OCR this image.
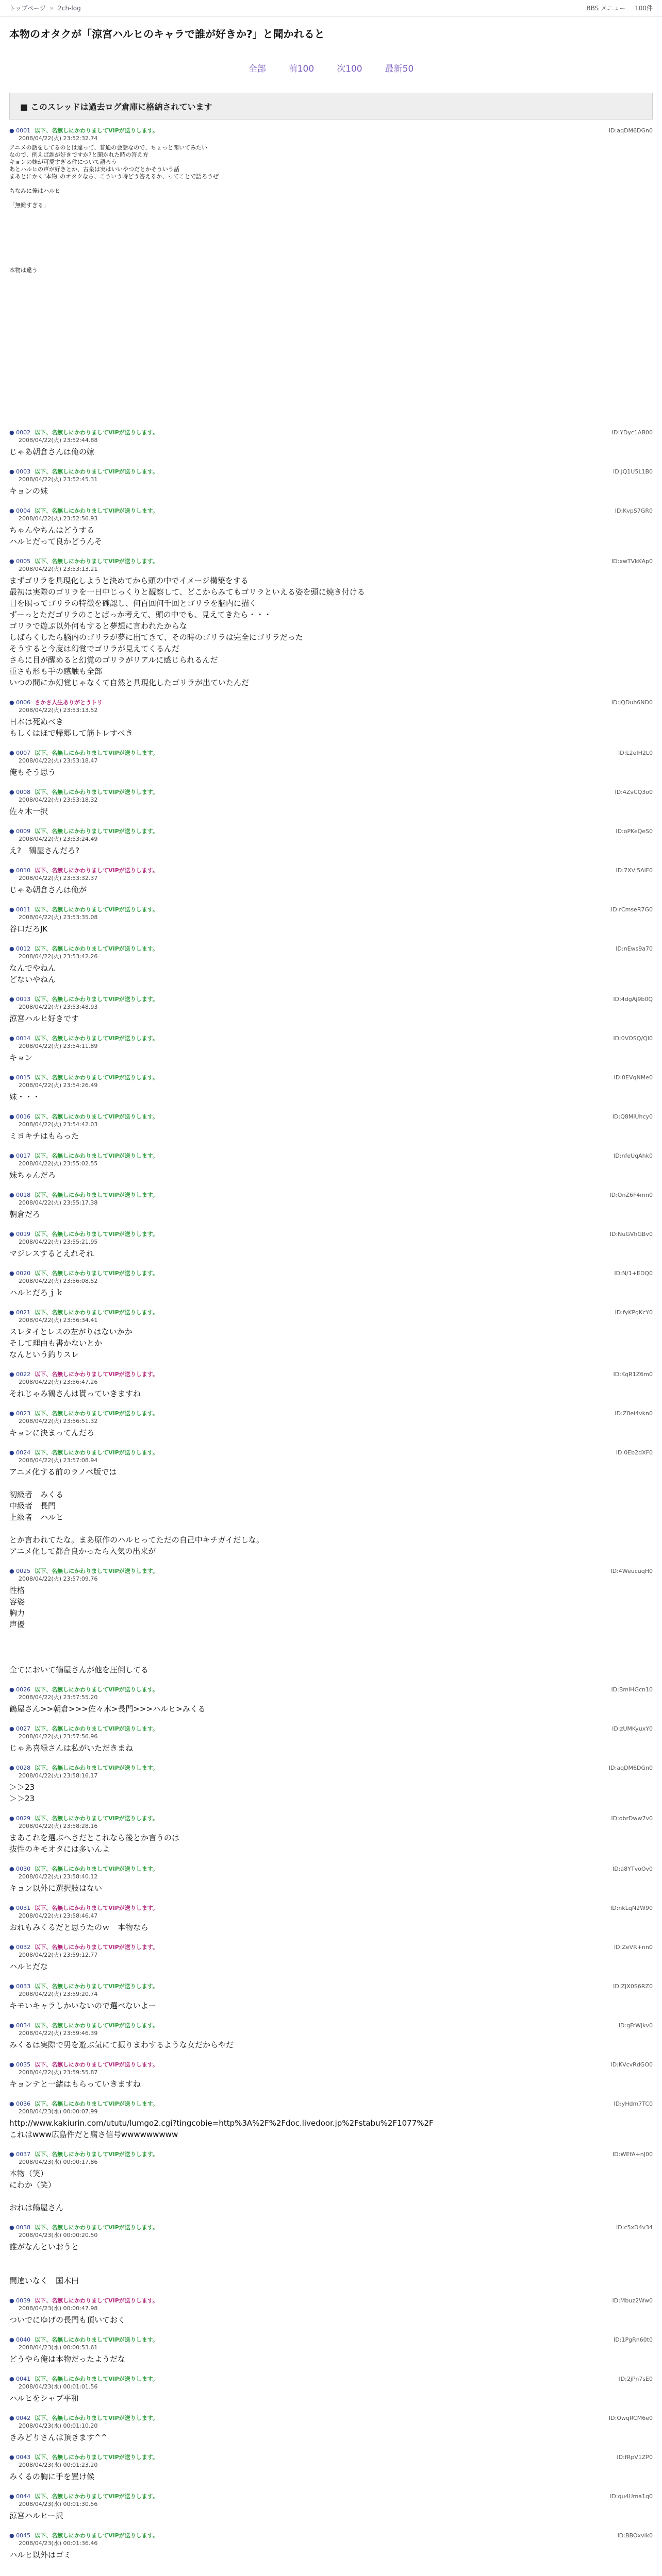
トップページ » 2ch-log	BBS メニュー 100件
本物のオタクが「涼宮ハルヒのキャラで誰が好きか?」と聞かれると
全部	前100	次100	最新50
■ このスレッドは過去ログ倉庫に格納されています
● 0001 以下、名無しにかわりましてVIPが送りします。	ID:aqDM6DGn0
2008/04/22(火) 23:52:32.74
アニメの話をしてるのとは違って、普通の会話なので、ちょっと聞いてみたい
なので、例えば誰が好きですか?と聞かれた時の答え方
キョンの妹が可愛すぎる件について語ろう
あとハルヒの声が好きとか、古泉は実はいいやつだとかそういう話
まあとにかく"本物"のオタクなら、こういう時どう答えるか、ってことで語ろうぜ

ちなみに俺はハルヒ

「無難すぎる」

本物は違う
● 0002 以下、名無しにかわりましてVIPが送りします。	ID:YDyc1AB00
2008/04/22(火) 23:52:44.88
じゃあ朝倉さんは俺の嫁
● 0003 以下、名無しにかわりましてVIPが送りします。	ID:JQ1U5L1B0
2008/04/22(火) 23:52:45.31
キョンの妹
● 0004 以下、名無しにかわりましてVIPが送りします。	ID:KvpS7GR0
2008/04/22(火) 23:52:56.93
ちゃんやちんはどうする
ハルヒだって良かどうんそ
● 0005 以下、名無しにかわりましてVIPが送りします。	ID:xwTVkKAp0
2008/04/22(火) 23:53:13.21
まずゴリラを具現化しようと決めてから頭の中でイメージ構築をする
最初は実際のゴリラを一日中じっくりと観察して、どこからみてもゴリラといえる姿を頭に焼き付ける
目を瞑ってゴリラの特徴を確認し、何百回何千回とゴリラを脳内に描く
ずーっとただゴリラのことばっか考えて、頭の中でも、見えてきたら・・・
ゴリラで遊ぶ以外何もすると夢想に言われたからな
しばらくしたら脳内のゴリラが夢に出てきて、その時のゴリラは完全にゴリラだった
そうすると今度は幻覚でゴリラが見えてくるんだ
さらに目が醒めると幻覚のゴリラがリアルに感じられるんだ
重さも形も手の感触も全部
いつの間にか幻覚じゃなくて自然と具現化したゴリラが出ていたんだ
● 0006 さかさ人生ありがとうトリ	ID:jQDuh6ND0
2008/04/22(火) 23:53:13.52
日本は死ぬべき
もしくはほで帰郷して筋トレすべき
● 0007 以下、名無しにかわりましてVIPが送りします。	ID:L2eIH2L0
2008/04/22(火) 23:53:18.47
俺もそう思う
● 0008 以下、名無しにかわりましてVIPが送りします。	ID:4ZvCQ3o0
2008/04/22(火) 23:53:18.32
佐々木一択
● 0009 以下、名無しにかわりましてVIPが送りします。	ID:oPKeQeS0
2008/04/22(火) 23:53:24.49
え?　鶴屋さんだろ?
● 0010 以下、名無しにかわりましてVIPが送りします。	ID:7XVj5AlF0
2008/04/22(火) 23:53:32.37
じゃあ朝倉さんは俺が
● 0011 以下、名無しにかわりましてVIPが送りします。	ID:rCmseR7G0
2008/04/22(火) 23:53:35.08
谷口だろJK
● 0012 以下、名無しにかわりましてVIPが送りします。	ID:nEws9a70
2008/04/22(火) 23:53:42.26
なんでやねん
どないやねん
● 0013 以下、名無しにかわりましてVIPが送りします。	ID:4dgAj9b0Q
2008/04/22(火) 23:53:48.93
涼宮ハルヒ好きです
● 0014 以下、名無しにかわりましてVIPが送りします。	ID:0VOSQ/QI0
2008/04/22(火) 23:54:11.89
キョン
● 0015 以下、名無しにかわりましてVIPが送りします。	ID:0EVqNMe0
2008/04/22(火) 23:54:26.49
妹・・・
● 0016 以下、名無しにかわりましてVIPが送りします。	ID:Q8MiUhcy0
2008/04/22(火) 23:54:42.03
ミヨキチはもらった
● 0017 以下、名無しにかわりましてVIPが送りします。	ID:nfeUqAhk0
2008/04/22(火) 23:55:02.55
妹ちゃんだろ
● 0018 以下、名無しにかわりましてVIPが送りします。	ID:OnZ6F4mn0
2008/04/22(火) 23:55:17.38
朝倉だろ
● 0019 以下、名無しにかわりましてVIPが送りします。	ID:NuGVhGBv0
2008/04/22(火) 23:55:21.95
マジレスするとえれそれ
● 0020 以下、名無しにかわりましてVIPが送りします。	ID:N/1+EDQ0
2008/04/22(火) 23:56:08.52
ハルヒだろｊｋ
● 0021 以下、名無しにかわりましてVIPが送りします。	ID:fyKPgKcY0
2008/04/22(火) 23:56:34.41
スレタイとレスの左がりはないかか
そして理由も書かないとか
なんという釣りスレ
● 0022 以下、名無しにかわりましてVIPが送りします。	ID:KqR1Z6m0
2008/04/22(火) 23:56:47.26
それじゃみ鶴さんは貰っていきますね
● 0023 以下、名無しにかわりましてVIPが送りします。	ID:Z8ei4vkn0
2008/04/22(火) 23:56:51.32
キョンに決まってんだろ
● 0024 以下、名無しにかわりましてVIPが送りします。	ID:0Eb2dXF0
2008/04/22(火) 23:57:08.94
アニメ化する前のラノベ版では

初級者　みくる
中級者　長門
上級者　ハルヒ

とか言われてたな。まあ原作のハルヒってただの自己中キチガイだしな。
アニメ化して都合良かったら入気の出来が
● 0025 以下、名無しにかわりましてVIPが送りします。	ID:4WeucuqH0
2008/04/22(火) 23:57:09.76
性格
容姿
胸力
声優

全てにおいて鶴屋さんが他を圧倒してる
● 0026 以下、名無しにかわりましてVIPが送りします。	ID:BmlHGcn10
2008/04/22(火) 23:57:55.20
鶴屋さん>>朝倉>>>佐々木>長門>>>ハルヒ>みくる
● 0027 以下、名無しにかわりましてVIPが送りします。	ID:zUMKyuxY0
2008/04/22(火) 23:57:56.96
じゃあ喜緑さんは私がいただきまね
● 0028 以下、名無しにかわりましてVIPが送りします。	ID:aqDM6DGn0
2008/04/22(火) 23:58:16.17
＞＞23
＞＞23
● 0029 以下、名無しにかわりましてVIPが送りします。	ID:obrDww7v0
2008/04/22(火) 23:58:28.16
まあこれを選ぶへさだとこれなら後とか言うのは
抜性のキモオタには多いんよ
● 0030 以下、名無しにかわりましてVIPが送りします。	ID:a8YTvoOv0
2008/04/22(火) 23:58:40.12
キョン以外に選択肢はない
● 0031 以下、名無しにかわりましてVIPが送りします。	ID:nkLqN2W90
2008/04/22(火) 23:58:46.47
おれもみくるだと思うたのｗ　本物なら
● 0032 以下、名無しにかわりましてVIPが送りします。	ID:ZeVR+nn0
2008/04/22(火) 23:59:12.77
ハルヒだな
● 0033 以下、名無しにかわりましてVIPが送りします。	ID:ZJX0S6RZ0
2008/04/22(火) 23:59:20.74
キモいキャラしかいないので選べないよー
● 0034 以下、名無しにかわりましてVIPが送りします。	ID:gFrWjkv0
2008/04/22(火) 23:59:46.39
みくるは実際で男を遊ぶ気にて振りまわするような女だからやだ
● 0035 以下、名無しにかわりましてVIPが送りします。	ID:KVcvRdGO0
2008/04/22(火) 23:59:55.87
キョンテと一緒はもらっていきますね
● 0036 以下、名無しにかわりましてVIPが送りします。	ID:yHdm7TC0
2008/04/23(水) 00:00:07.99
http://www.kakiurin.com/ututu/lumgo2.cgi?tingcobie=http%3A%2F%2Fdoc.livedoor.jp%2Fstabu%2F1077%2F
これはwww広島件だと腐さ信号wwwwwwwww
● 0037 以下、名無しにかわりましてVIPが送りします。	ID:WEfA+nJ00
2008/04/23(水) 00:00:17.86
本物（笑）
にわか（笑）

おれは鶴屋さん
● 0038 以下、名無しにかわりましてVIPが送りします。	ID:c5xD4v34
2008/04/23(水) 00:00:20.50
誰がなんといおうと

間違いなく　国木田
● 0039 以下、名無しにかわりましてVIPが送りします。	ID:Mbuz2Ww0
2008/04/23(水) 00:00:47.98
ついでにゆげの長門も頂いておく
● 0040 以下、名無しにかわりましてVIPが送りします。	ID:1PgRn60t0
2008/04/23(水) 00:00:53.61
どうやら俺は本物だったようだな
● 0041 以下、名無しにかわりましてVIPが送りします。	ID:2jPn7sE0
2008/04/23(水) 00:01:01.56
ハルヒをシャブ平和
● 0042 以下、名無しにかわりましてVIPが送りします。	ID:OwqRCM6e0
2008/04/23(水) 00:01:10.20
きみどりさんは頂きます^^
● 0043 以下、名無しにかわりましてVIPが送りします。	ID:fRpV1ZP0
2008/04/23(水) 00:01:23.20
みくるの胸に手を置け候
● 0044 以下、名無しにかわりましてVIPが送りします。	ID:qu4Uma1q0
2008/04/23(水) 00:01:30.56
涼宮ハルヒー択
● 0045 以下、名無しにかわりましてVIPが送りします。	ID:BBOxvlk0
2008/04/23(水) 00:01:36.46
ハルヒ以外はゴミ
